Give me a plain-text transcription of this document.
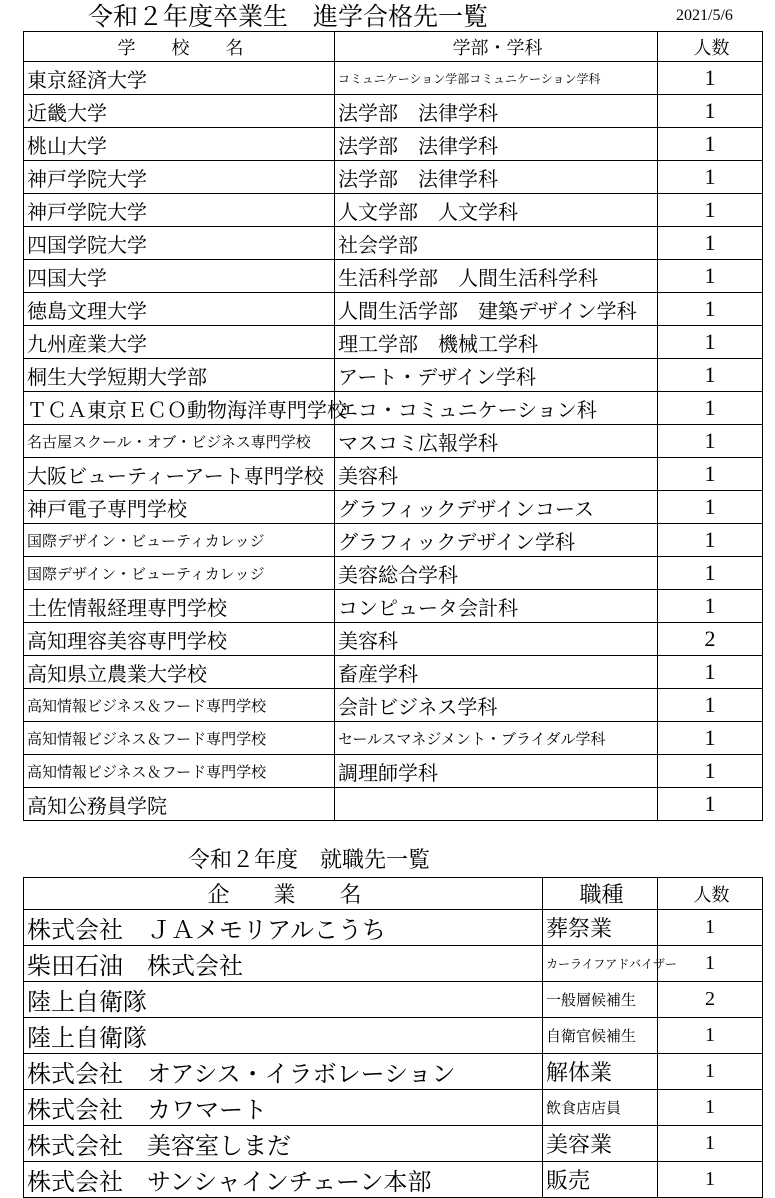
令和２年度卒業生　進学合格先一覧	2021/5/6
学　　校　　名	学部・学科	人数
東京経済大学	コミュニケーション学部コミュニケーション学科	1
近畿大学	法学部　法律学科	1
桃山大学	法学部　法律学科	1
神戸学院大学	法学部　法律学科	1
神戸学院大学	人文学部　人文学科	1
四国学院大学	社会学部	1
四国大学	生活科学部　人間生活科学科	1
徳島文理大学	人間生活学部　建築デザイン学科	1
九州産業大学	理工学部　機械工学科	1
桐生大学短期大学部	アート・デザイン学科	1
ＴＣＡ東京ＥＣＯ動物海洋専門学校	エコ・コミュニケーション科	1
名古屋スクール・オブ・ビジネス専門学校	マスコミ広報学科	1
大阪ビューティーアート専門学校	美容科	1
神戸電子専門学校	グラフィックデザインコース	1
国際デザイン・ビューティカレッジ	グラフィックデザイン学科	1
国際デザイン・ビューティカレッジ	美容総合学科	1
土佐情報経理専門学校	コンピュータ会計科	1
高知理容美容専門学校	美容科	2
高知県立農業大学校	畜産学科	1
高知情報ビジネス＆フード専門学校	会計ビジネス学科	1
高知情報ビジネス＆フード専門学校	セールスマネジメント・ブライダル学科	1
高知情報ビジネス＆フード専門学校	調理師学科	1
高知公務員学院		1
令和２年度　就職先一覧
企　　業　　名	職種	人数
株式会社　ＪＡメモリアルこうち	葬祭業	1
柴田石油　株式会社	カーライフアドバイザー	1
陸上自衛隊	一般層候補生	2
陸上自衛隊	自衛官候補生	1
株式会社　オアシス・イラボレーション	解体業	1
株式会社　カワマート	飲食店店員	1
株式会社　美容室しまだ	美容業	1
株式会社　サンシャインチェーン本部	販売	1
